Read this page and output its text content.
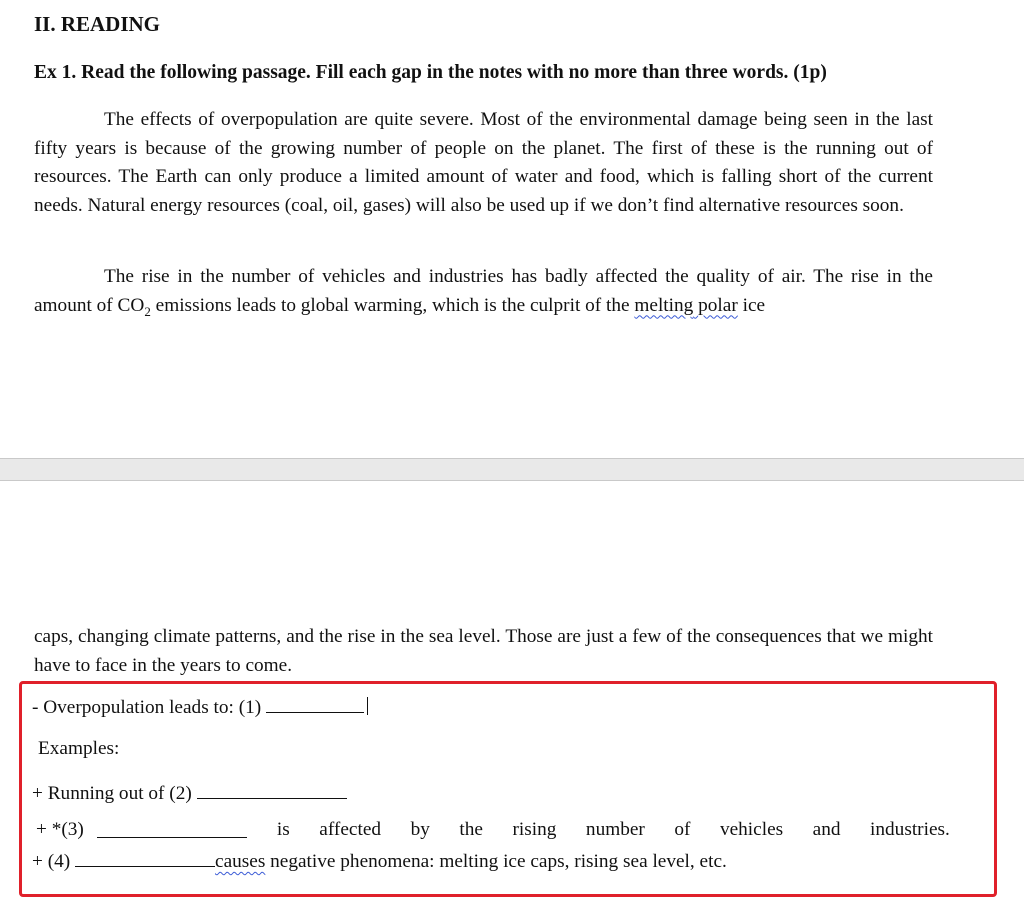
II. READING
Ex 1. Read the following passage. Fill each gap in the notes with no more than three words. (1p)

The effects of overpopulation are quite severe. Most of the environmental damage being seen in the last fifty years is because of the growing number of people on the planet. The first of these is the running out of resources. The Earth can only produce a limited amount of water and food, which is falling short of the current needs. Natural energy resources (coal, oil, gases) will also be used up if we don’t find alternative resources soon.

The rise in the number of vehicles and industries has badly affected the quality of air. The rise in the amount of $CO_2$ emissions leads to global warming, which is the culprit of the melting polar ice

caps, changing climate patterns, and the rise in the sea level. Those are just a few of the consequences that we might have to face in the years to come.

- Overpopulation leads to: (1)
Examples:
+ Running out of (2)
+ *(3)	is affected by the rising number of vehicles and industries.
+ (4)	causes negative phenomena: melting ice caps, rising sea level, etc.
